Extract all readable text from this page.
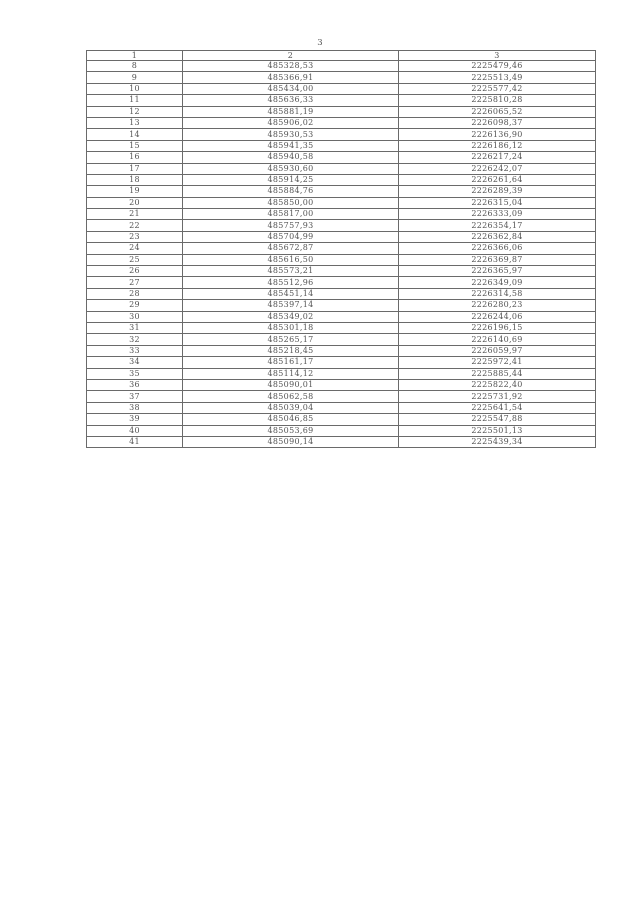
3
1	2	3
8	485328,53	2225479,46
9	485366,91	2225513,49
10	485434,00	2225577,42
11	485636,33	2225810,28
12	485881,19	2226065,52
13	485906,02	2226098,37
14	485930,53	2226136,90
15	485941,35	2226186,12
16	485940,58	2226217,24
17	485930,60	2226242,07
18	485914,25	2226261,64
19	485884,76	2226289,39
20	485850,00	2226315,04
21	485817,00	2226333,09
22	485757,93	2226354,17
23	485704,99	2226362,84
24	485672,87	2226366,06
25	485616,50	2226369,87
26	485573,21	2226365,97
27	485512,96	2226349,09
28	485451,14	2226314,58
29	485397,14	2226280,23
30	485349,02	2226244,06
31	485301,18	2226196,15
32	485265,17	2226140,69
33	485218,45	2226059,97
34	485161,17	2225972,41
35	485114,12	2225885,44
36	485090,01	2225822,40
37	485062,58	2225731,92
38	485039,04	2225641,54
39	485046,85	2225547,88
40	485053,69	2225501,13
41	485090,14	2225439,34
